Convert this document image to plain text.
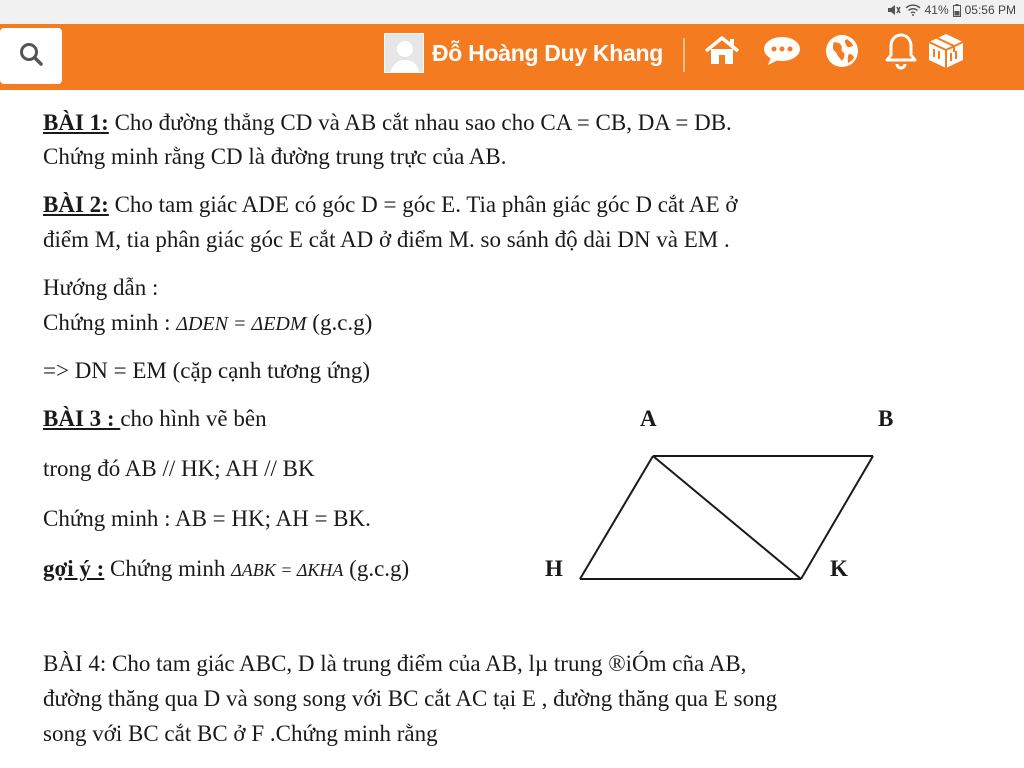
41% 05:56 PM
Đỗ Hoàng Duy Khang
BÀI 1: Cho đường thẳng CD và AB cắt nhau sao cho CA = CB, DA = DB.
Chứng minh rằng CD là đường trung trực của AB.
BÀI 2: Cho tam giác ADE có góc D = góc E. Tia phân giác góc D cắt AE ở
điểm M, tia phân giác góc E cắt AD ở điểm M. so sánh độ dài DN và EM .
Hướng dẫn :
Chứng minh : ΔDEN = ΔEDM (g.c.g)
=> DN = EM (cặp cạnh tương ứng)
BÀI 3 : cho hình vẽ bên
trong đó AB // HK; AH // BK
Chứng minh : AB = HK; AH = BK.
gợi ý : Chứng minh ΔABK = ΔKHA (g.c.g)
A	B
H	K
BÀI 4: Cho tam giác ABC, D là trung điểm của AB, lµ trung ®iÓm cña AB,
đường thăng qua D và song song với BC cắt AC tại E , đường thăng qua E song
song với BC cắt BC ở F .Chứng minh rằng
